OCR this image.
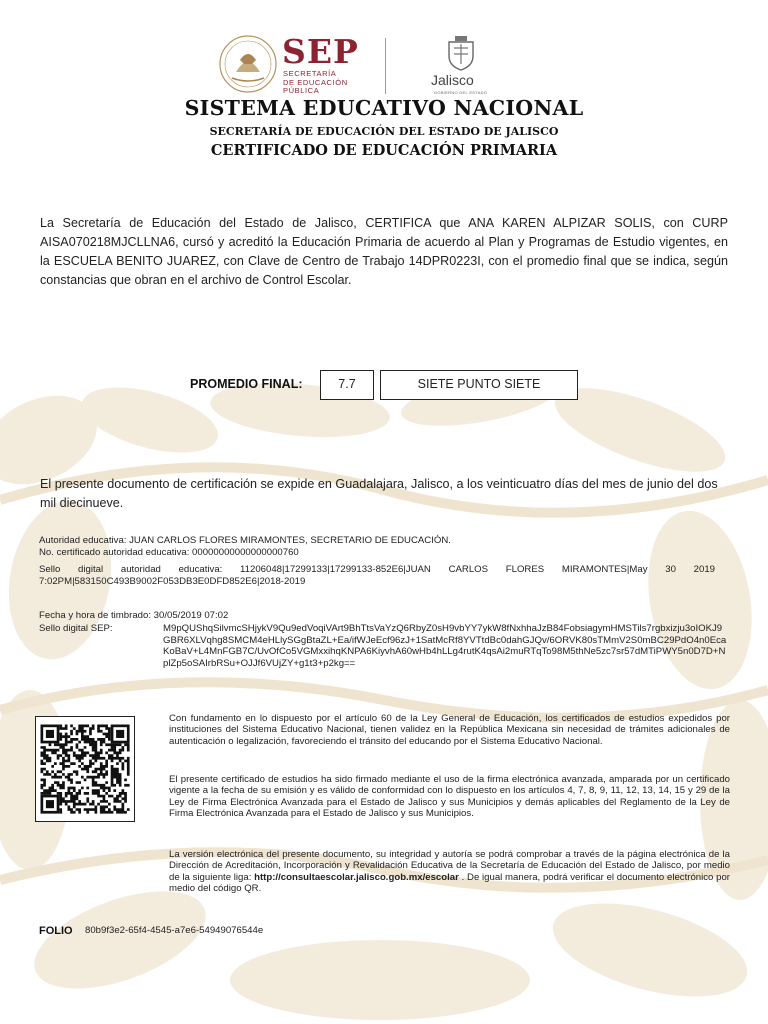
SEP
SECRETARÍA
DE EDUCACIÓN
PÚBLICA
Jalisco
GOBIERNO DEL ESTADO
SISTEMA EDUCATIVO NACIONAL
SECRETARÍA DE EDUCACIÓN DEL ESTADO DE JALISCO
CERTIFICADO DE EDUCACIÓN PRIMARIA
La Secretaría de Educación del Estado de Jalisco, CERTIFICA que ANA KAREN ALPIZAR SOLIS, con CURP AISA070218MJCLLNA6, cursó y acreditó la Educación Primaria de acuerdo al Plan y Programas de Estudio vigentes, en la ESCUELA BENITO JUAREZ, con Clave de Centro de Trabajo 14DPR0223I, con el promedio final que se indica, según constancias que obran en el archivo de Control Escolar.
PROMEDIO FINAL:	7.7	SIETE PUNTO SIETE
El presente documento de certificación se expide en Guadalajara, Jalisco, a los veinticuatro días del mes de junio del dos mil diecinueve.
Autoridad educativa: JUAN CARLOS FLORES MIRAMONTES, SECRETARIO DE EDUCACIÓN.
No. certificado autoridad educativa: 00000000000000000760
Sello digital autoridad educativa: 11206048|17299133|17299133-852E6|JUAN CARLOS FLORES MIRAMONTES|May 30 2019 7:02PM|583150C493B9002F053DB3E0DFD852E6|2018-2019
Fecha y hora de timbrado: 30/05/2019 07:02
Sello digital SEP:	M9pQUShqSilvmcSHjykV9Qu9edVoqiVArt9BhTtsVaYzQ6RbyZ0sH9vbYY7ykW8fNxhhaJzB84FobsiagymHMSTils7rgbxizju3oIOKJ9GBR6XLVqhg8SMCM4eHLlySGgBtaZL+Ea/ifWJeEcf96zJ+1SatMcRf8YVTtdBc0dahGJQv/6ORVK80sTMmV2S0mBC29PdO4n0EcaKoBaV+L4MnFGB7C/UvOfCo5VGMxxihqKNPA6KiyvhA60wHb4hLLg4rutK4qsAi2muRTqTo98M5thNe5zc7sr57dMTiPWY5n0D7D+NplZp5oSAIrbRSu+OJJf6VUjZY+g1t3+p2kg==
Con fundamento en lo dispuesto por el artículo 60 de la Ley General de Educación, los certificados de estudios expedidos por instituciones del Sistema Educativo Nacional, tienen validez en la República Mexicana sin necesidad de trámites adicionales de autenticación o legalización, favoreciendo el tránsito del educando por el Sistema Educativo Nacional.
El presente certificado de estudios ha sido firmado mediante el uso de la firma electrónica avanzada, amparada por un certificado vigente a la fecha de su emisión y es válido de conformidad con lo dispuesto en los artículos 4, 7, 8, 9, 11, 12, 13, 14, 15 y 29 de la Ley de Firma Electrónica Avanzada para el Estado de Jalisco y sus Municipios y demás aplicables del Reglamento de la Ley de Firma Electrónica Avanzada para el Estado de Jalisco y sus Municipios.
La versión electrónica del presente documento, su integridad y autoría se podrá comprobar a través de la página electrónica de la Dirección de Acreditación, Incorporación y Revalidación Educativa de la Secretaría de Educación del Estado de Jalisco, por medio de la siguiente liga: http://consultaescolar.jalisco.gob.mx/escolar . De igual manera, podrá verificar el documento electrónico por medio del código QR.
FOLIO 80b9f3e2-65f4-4545-a7e6-54949076544e
